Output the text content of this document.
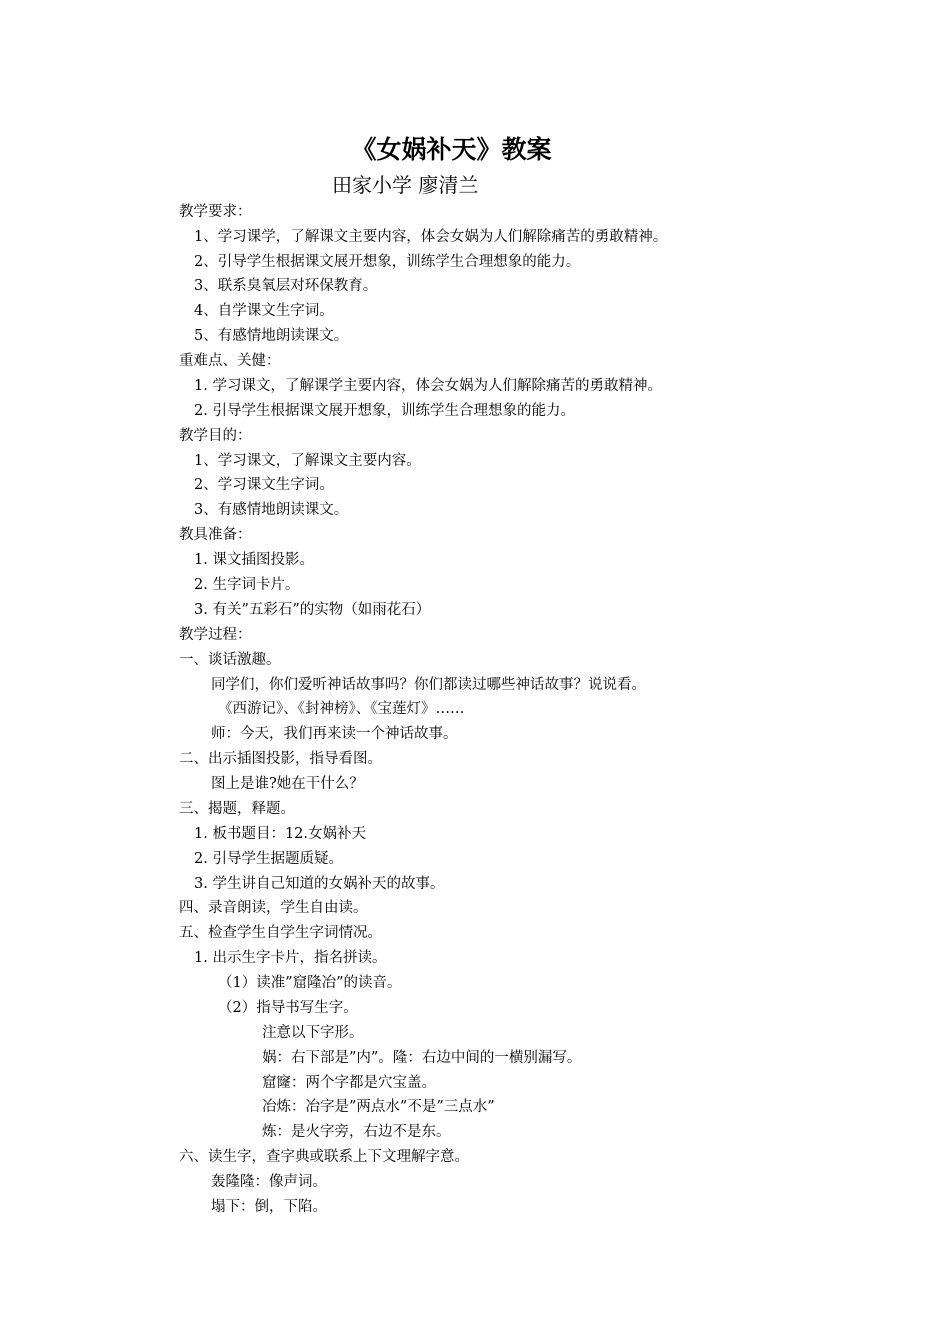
《女娲补天》教案
田家小学 廖清兰
教学要求：
1、学习课学，了解课文主要内容，体会女娲为人们解除痛苦的勇敢精神。
2、引导学生根据课文展开想象，训练学生合理想象的能力。
3、联系臭氧层对环保教育。
4、自学课文生字词。
5、有感情地朗读课文。
重难点、关健：
1. 学习课文，了解课学主要内容，体会女娲为人们解除痛苦的勇敢精神。
2. 引导学生根据课文展开想象，训练学生合理想象的能力。
教学目的：
1、学习课文，了解课文主要内容。
2、学习课文生字词。
3、有感情地朗读课文。
教具准备：
1. 课文插图投影。
2. 生字词卡片。
3. 有关”五彩石”的实物（如雨花石）
教学过程：
一、谈话激趣。
同学们，你们爱听神话故事吗？你们都读过哪些神话故事？说说看。
《西游记》、《封神榜》、《宝莲灯》……
师：今天，我们再来读一个神话故事。
二、出示插图投影，指导看图。
图上是谁?她在干什么？
三、揭题，释题。
1. 板书题目：12.女娲补天
2. 引导学生据题质疑。
3. 学生讲自己知道的女娲补天的故事。
四、录音朗读，学生自由读。
五、检查学生自学生字词情况。
1. 出示生字卡片，指名拼读。
（1）读准”窟隆冶”的读音。
（2）指导书写生字。
注意以下字形。
娲：右下部是”内”。隆：右边中间的一横别漏写。
窟窿：两个字都是穴宝盖。
冶炼：冶字是”两点水”不是”三点水”
炼：是火字旁，右边不是东。
六、读生字，查字典或联系上下文理解字意。
轰隆隆：像声词。
塌下：倒，下陷。
